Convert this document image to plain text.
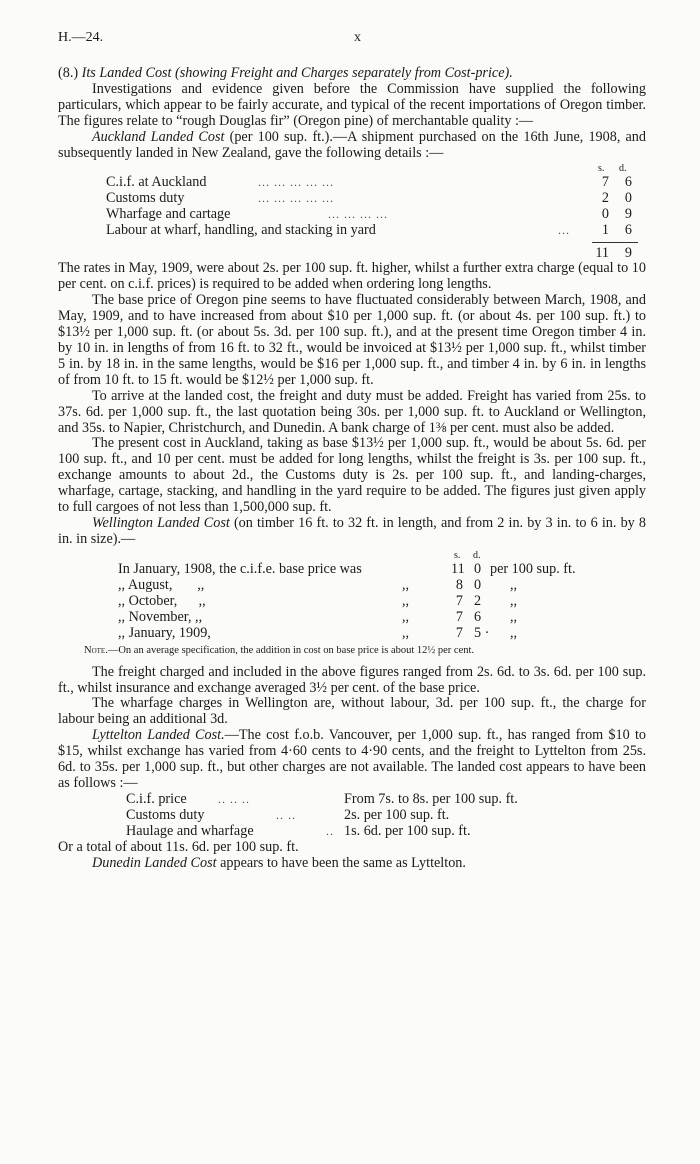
H.—24.	x

(8.) Its Landed Cost (showing Freight and Charges separately from Cost-price).

Investigations and evidence given before the Commission have supplied the following particulars, which appear to be fairly accurate, and typical of the recent importations of Oregon timber. The figures relate to “rough Douglas fir” (Oregon pine) of merchantable quality :—

Auckland Landed Cost (per 100 sup. ft.).—A shipment purchased on the 16th June, 1908, and subsequently landed in New Zealand, gave the following details :—

s. d.
C.i.f. at Auckland	... ... ... ... ...	7	6
Customs duty	... ... ... ... ...	2	0
Wharfage and cartage	... ... ... ...	0	9
Labour at wharf, handling, and stacking in yard	...	1	6
11	9

The rates in May, 1909, were about 2s. per 100 sup. ft. higher, whilst a further extra charge (equal to 10 per cent. on c.i.f. prices) is required to be added when ordering long lengths.

The base price of Oregon pine seems to have fluctuated considerably between March, 1908, and May, 1909, and to have increased from about $10 per 1,000 sup. ft. (or about 4s. per 100 sup. ft.) to $13½ per 1,000 sup. ft. (or about 5s. 3d. per 100 sup. ft.), and at the present time Oregon timber 4 in. by 10 in. in lengths of from 16 ft. to 32 ft., would be invoiced at $13½ per 1,000 sup. ft., whilst timber 5 in. by 18 in. in the same lengths, would be $16 per 1,000 sup. ft., and timber 4 in. by 6 in. in lengths of from 10 ft. to 15 ft. would be $12½ per 1,000 sup. ft.

To arrive at the landed cost, the freight and duty must be added. Freight has varied from 25s. to 37s. 6d. per 1,000 sup. ft., the last quotation being 30s. per 1,000 sup. ft. to Auckland or Wellington, and 35s. to Napier, Christchurch, and Dunedin. A bank charge of 1⅜ per cent. must also be added.

The present cost in Auckland, taking as base $13½ per 1,000 sup. ft., would be about 5s. 6d. per 100 sup. ft., and 10 per cent. must be added for long lengths, whilst the freight is 3s. per 100 sup. ft., exchange amounts to about 2d., the Customs duty is 2s. per 100 sup. ft., and landing-charges, wharfage, cartage, stacking, and handling in the yard require to be added. The figures just given apply to full cargoes of not less than 1,500,000 sup. ft.

Wellington Landed Cost (on timber 16 ft. to 32 ft. in length, and from 2 in. by 3 in. to 6 in. by 8 in. in size).—

s. d.
In January, 1908, the c.i.f.e. base price was	11 0 per 100 sup. ft.
,, August,       ,,	,,	8 0 ,,
,, October,      ,,	,,	7 2 ,,
,, November, ,,	,,	7 6 ,,
,, January, 1909,	,,	7 5 · ,,

Note.—On an average specification, the addition in cost on base price is about 12½ per cent.

The freight charged and included in the above figures ranged from 2s. 6d. to 3s. 6d. per 100 sup. ft., whilst insurance and exchange averaged 3½ per cent. of the base price.

The wharfage charges in Wellington are, without labour, 3d. per 100 sup. ft., the charge for labour being an additional 3d.

Lyttelton Landed Cost.—The cost f.o.b. Vancouver, per 1,000 sup. ft., has ranged from $10 to $15, whilst exchange has varied from 4·60 cents to 4·90 cents, and the freight to Lyttelton from 25s. 6d. to 35s. per 1,000 sup. ft., but other charges are not available. The landed cost appears to have been as follows :—

C.i.f. price	.. .. ..	From 7s. to 8s. per 100 sup. ft.
Customs duty	.. ..	2s. per 100 sup. ft.
Haulage and wharfage	.. 1s. 6d. per 100 sup. ft.

Or a total of about 11s. 6d. per 100 sup. ft.

Dunedin Landed Cost appears to have been the same as Lyttelton.
